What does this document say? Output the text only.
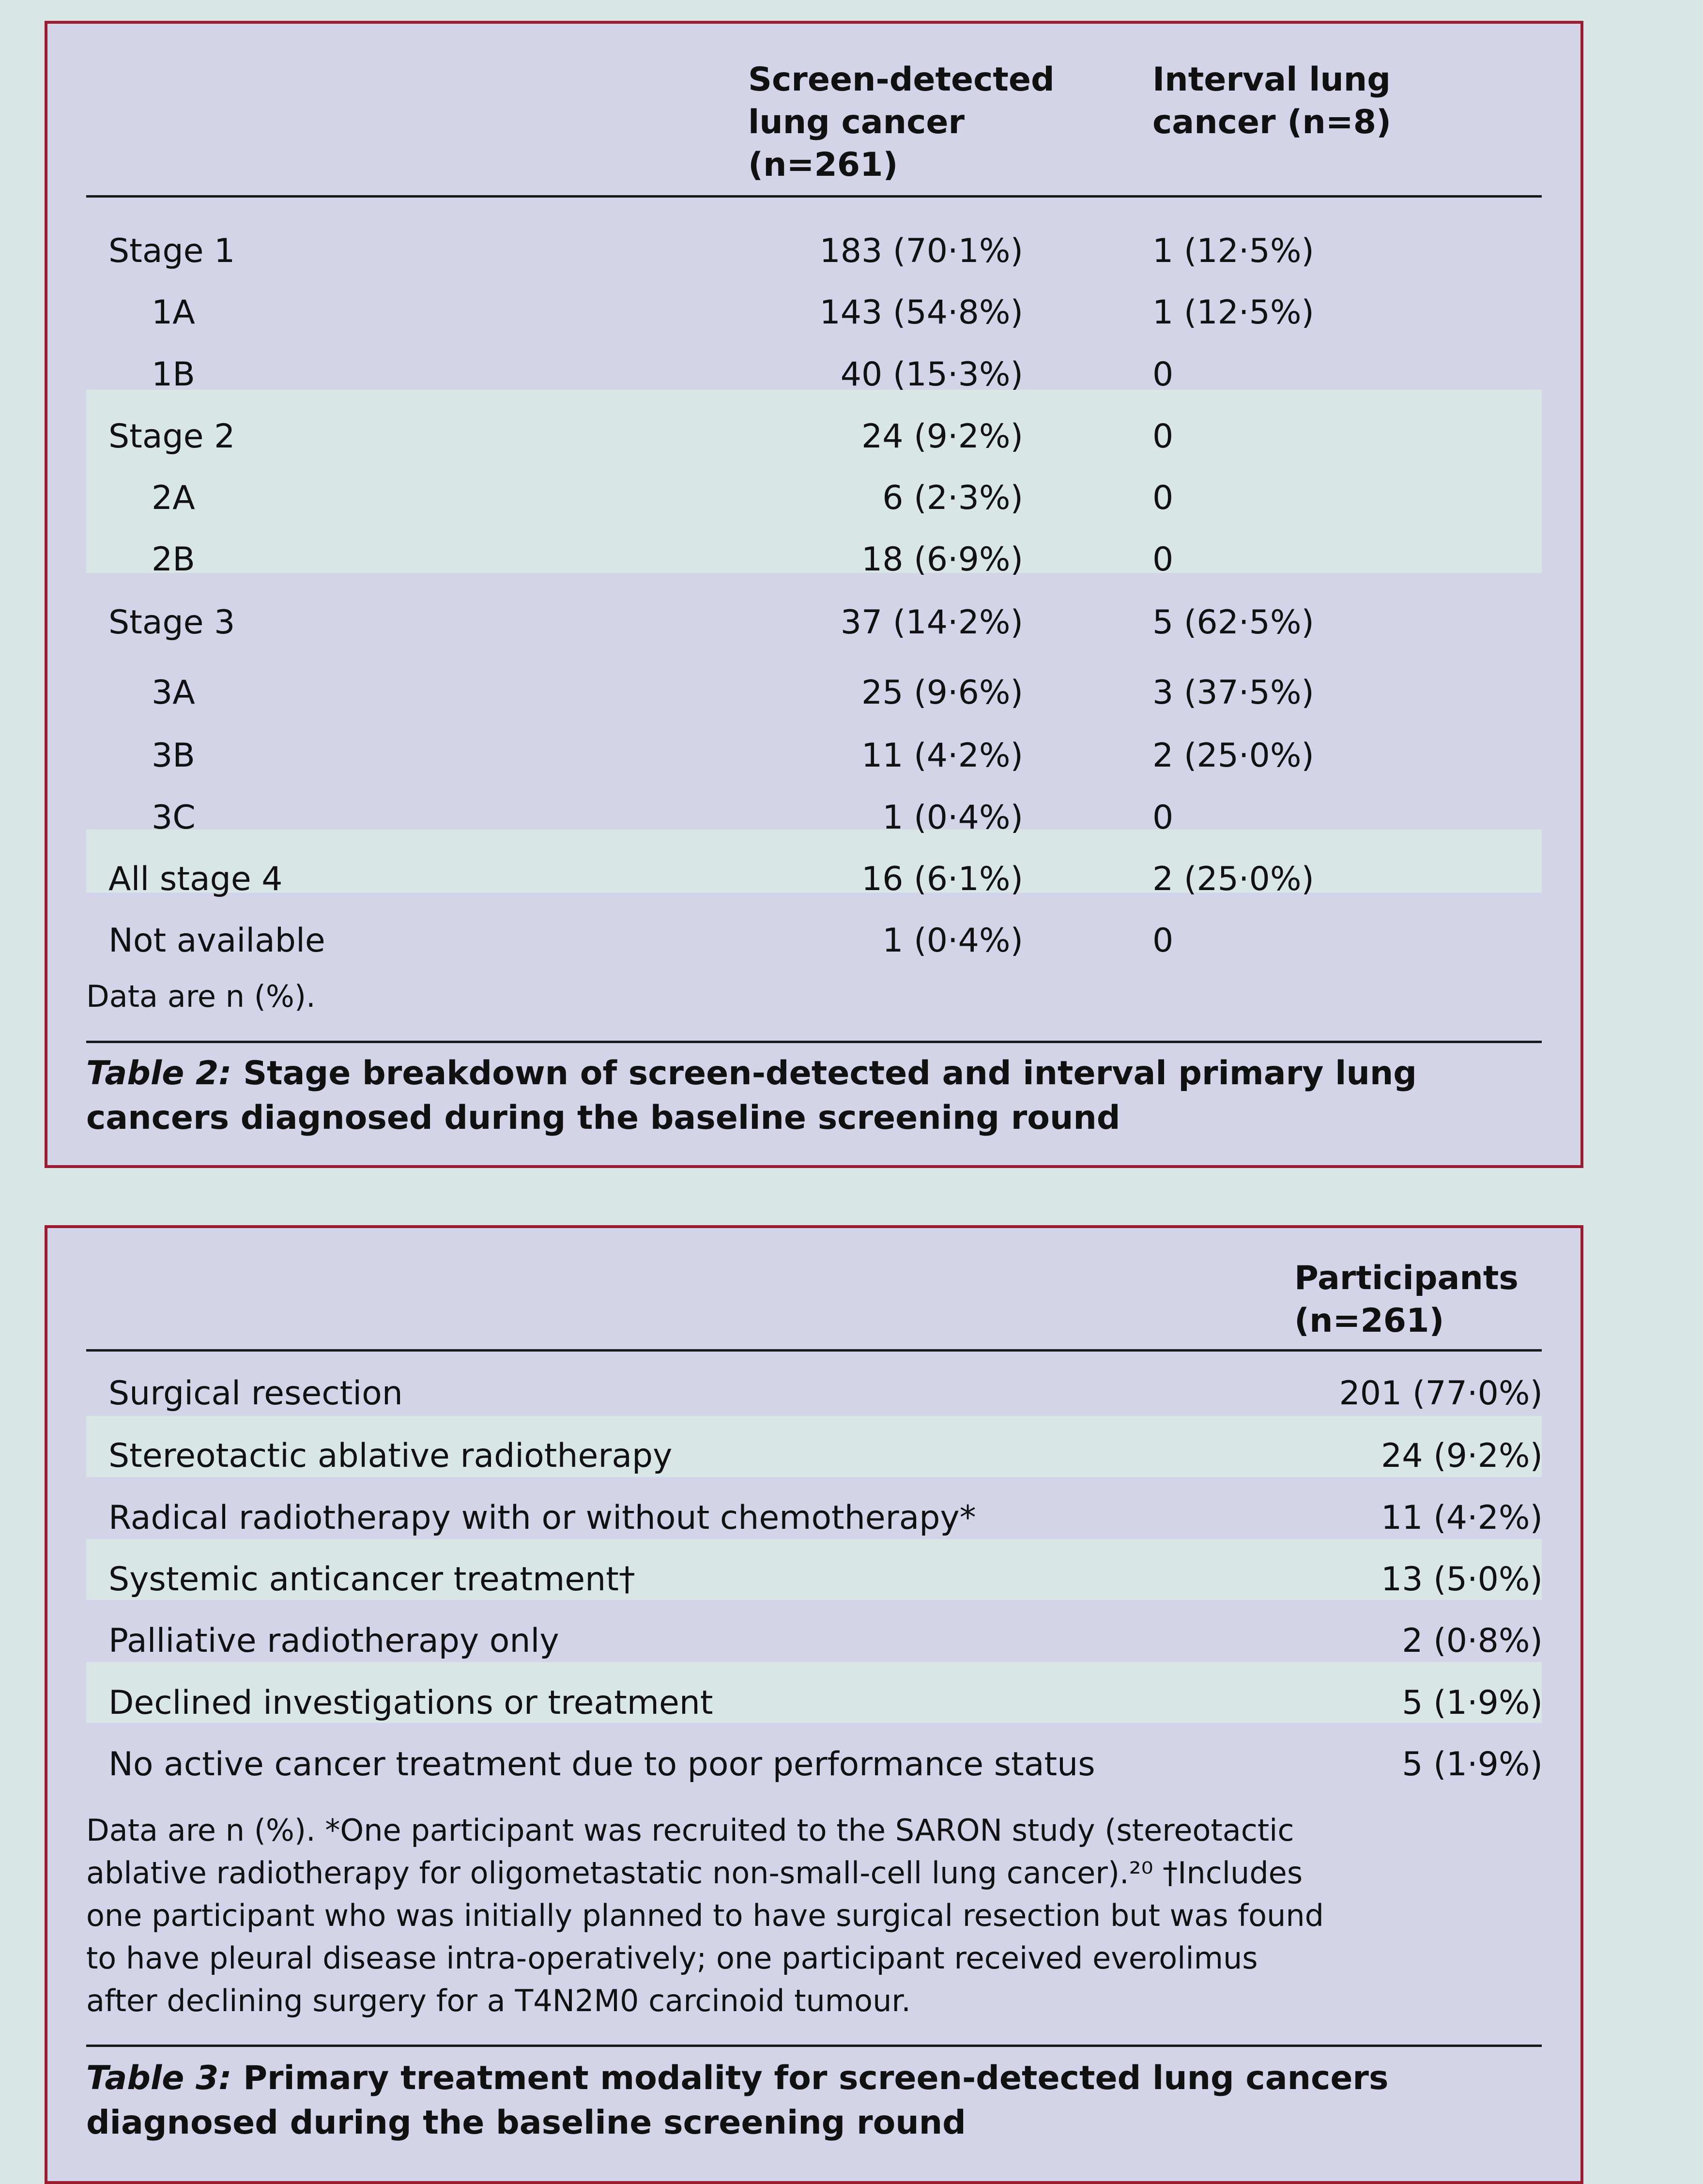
Screen-detected
lung cancer
(n=261)
Interval lung
cancer (n=8)
Stage 1	183 (70·1%)	1 (12·5%)
1A	143 (54·8%)	1 (12·5%)
1B	40 (15·3%)	0
Stage 2	24 (9·2%)	0
2A	6 (2·3%)	0
2B	18 (6·9%)	0
Stage 3	37 (14·2%)	5 (62·5%)
3A	25 (9·6%)	3 (37·5%)
3B	11 (4·2%)	2 (25·0%)
3C	1 (0·4%)	0
All stage 4	16 (6·1%)	2 (25·0%)
Not available	1 (0·4%)	0
Data are n (%).
Table 2: Stage breakdown of screen-detected and interval primary lung
cancers diagnosed during the baseline screening round
Participants
(n=261)
Surgical resection	201 (77·0%)
Stereotactic ablative radiotherapy	24 (9·2%)
Radical radiotherapy with or without chemotherapy*	11 (4·2%)
Systemic anticancer treatment†	13 (5·0%)
Palliative radiotherapy only	2 (0·8%)
Declined investigations or treatment	5 (1·9%)
No active cancer treatment due to poor performance status	5 (1·9%)
Data are n (%). *One participant was recruited to the SARON study (stereotactic
ablative radiotherapy for oligometastatic non-small-cell lung cancer).²⁰ †Includes
one participant who was initially planned to have surgical resection but was found
to have pleural disease intra-operatively; one participant received everolimus
after declining surgery for a T4N2M0 carcinoid tumour.
Table 3: Primary treatment modality for screen-detected lung cancers
diagnosed during the baseline screening round
